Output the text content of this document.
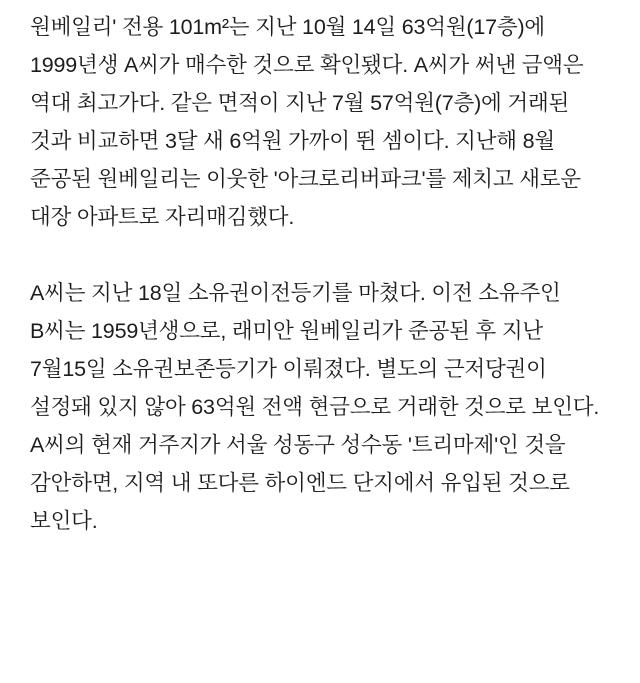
원베일리' 전용 101m²는 지난 10월 14일 63억원(17층)에 1999년생 A씨가 매수한 것으로 확인됐다. A씨가 써낸 금액은 역대 최고가다. 같은 면적이 지난 7월 57억원(7층)에 거래된 것과 비교하면 3달 새 6억원 가까이 뛴 셈이다. 지난해 8월 준공된 원베일리는 이웃한 '아크로리버파크'를 제치고 새로운 대장 아파트로 자리매김했다.

A씨는 지난 18일 소유권이전등기를 마쳤다. 이전 소유주인 B씨는 1959년생으로, 래미안 원베일리가 준공된 후 지난 7월15일 소유권보존등기가 이뤄졌다. 별도의 근저당권이 설정돼 있지 않아 63억원 전액 현금으로 거래한 것으로 보인다. A씨의 현재 거주지가 서울 성동구 성수동 '트리마제'인 것을 감안하면, 지역 내 또다른 하이엔드 단지에서 유입된 것으로 보인다.
